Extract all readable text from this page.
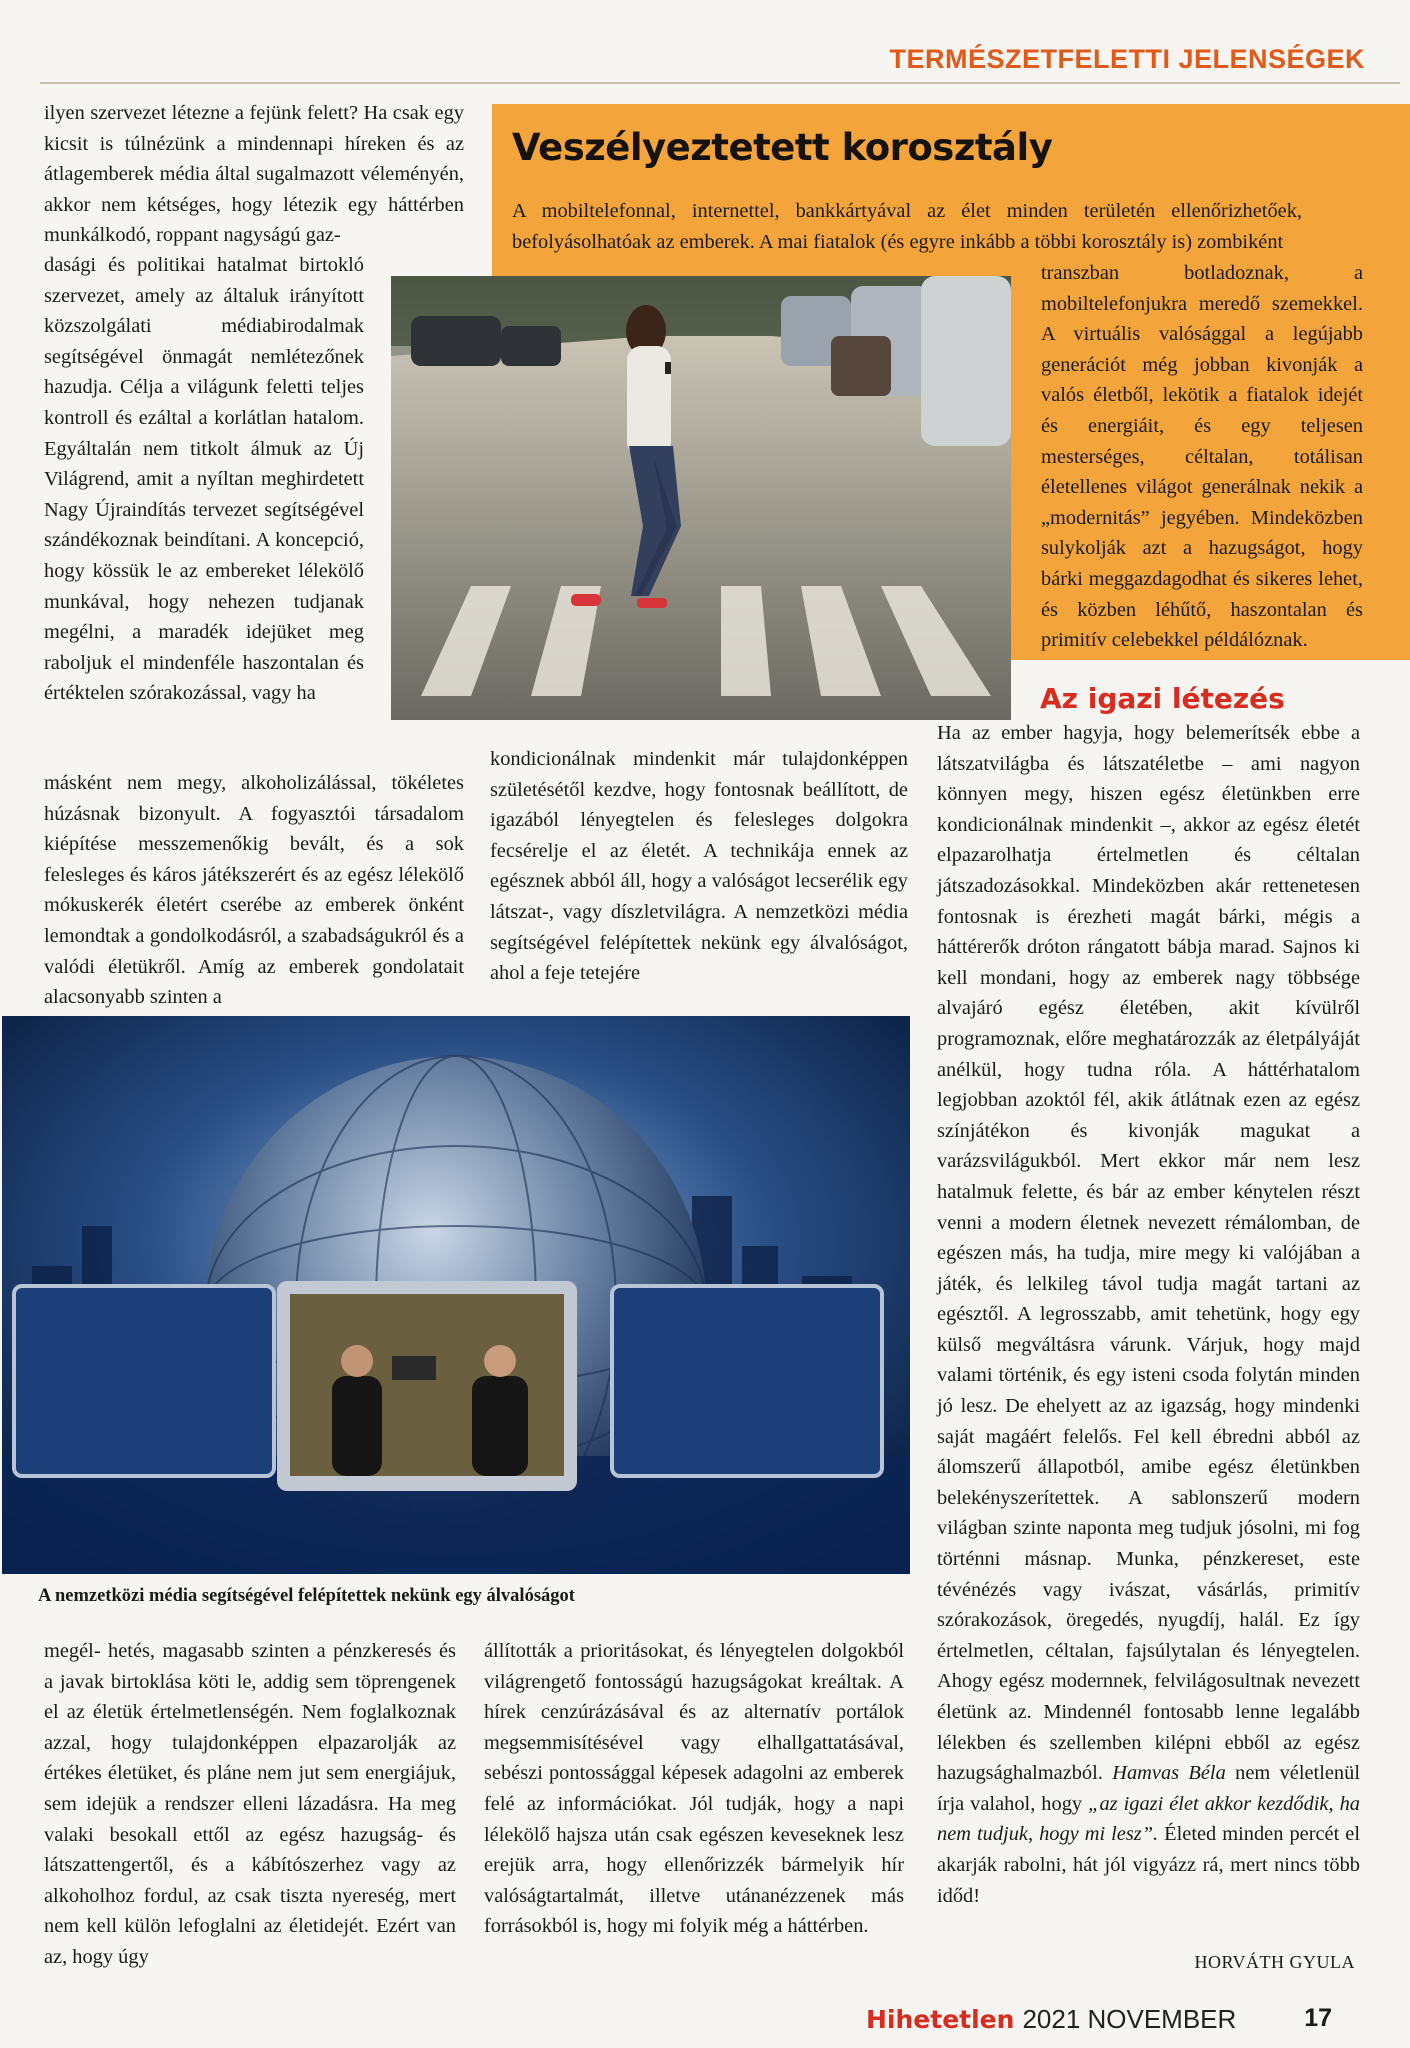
TERMÉSZETFELETTI JELENSÉGEK

ilyen szervezet létezne a fejünk felett? Ha csak egy kicsit is túlnézünk a mindennapi híreken és az átlagemberek média által sugalmazott véleményén, akkor nem kétséges, hogy létezik egy háttérben munkálkodó, roppant nagyságú gaz-

dasági és politikai hatalmat birtokló szervezet, amely az általuk irányított közszolgálati médiabirodalmak segítségével önmagát nemlétezőnek hazudja. Célja a világunk feletti teljes kontroll és ezáltal a korlátlan hatalom. Egyáltalán nem titkolt álmuk az Új Világrend, amit a nyíltan meghirdetett Nagy Újraindítás tervezet segítségével szándékoznak beindítani. A koncepció, hogy kössük le az embereket lélekölő munkával, hogy nehezen tudjanak megélni, a maradék idejüket meg raboljuk el mindenféle haszontalan és értéktelen szórakozással, vagy ha

másként nem megy, alkoholizálással, tökéletes húzásnak bizonyult. A fogyasztói társadalom kiépítése messzemenőkig bevált, és a sok felesleges és káros játékszerért és az egész lélekölő mókuskerék életért cserébe az emberek önként lemondtak a gondolkodásról, a szabadságukról és a valódi életükről. Amíg az emberek gondolatait alacsonyabb szinten a

Veszélyeztetett korosztály
A mobiltelefonnal, internettel, bankkártyával az élet minden területén ellenőrizhetőek, befolyásolhatóak az emberek. A mai fiatalok (és egyre inkább a többi korosztály is) zombiként
transzban botladoznak, a mobiltelefonjukra meredő szemekkel. A virtuális valósággal a legújabb generációt még jobban kivonják a valós életből, lekötik a fiatalok idejét és energiáit, és egy teljesen mesterséges, céltalan, totálisan életellenes világot generálnak nekik a „modernitás” jegyében. Mindeközben sulykolják azt a hazugságot, hogy bárki meggazdagodhat és sikeres lehet, és közben léhűtő, haszontalan és primitív celebekkel példálóznak.

kondicionálnak mindenkit már tulajdonképpen születésétől kezdve, hogy fontosnak beállított, de igazából lényegtelen és felesleges dolgokra fecsérelje el az életét. A technikája ennek az egésznek abból áll, hogy a valóságot lecserélik egy látszat-, vagy díszletvilágra. A nemzetközi média segítségével felépítettek nekünk egy álvalóságot, ahol a feje tetejére

Az igazi létezés

Ha az ember hagyja, hogy belemerítsék ebbe a látszatvilágba és látszatéletbe – ami nagyon könnyen megy, hiszen egész életünkben erre kondicionálnak mindenkit –, akkor az egész életét elpazarolhatja értelmetlen és céltalan játszadozásokkal. Mindeközben akár rettenetesen fontosnak is érezheti magát bárki, mégis a háttérerők dróton rángatott bábja marad. Sajnos ki kell mondani, hogy az emberek nagy többsége alvajáró egész életében, akit kívülről programoznak, előre meghatározzák az életpályáját anélkül, hogy tudna róla. A háttérhatalom legjobban azoktól fél, akik átlátnak ezen az egész színjátékon és kivonják magukat a varázsvilágukból. Mert ekkor már nem lesz hatalmuk felette, és bár az ember kénytelen részt venni a modern életnek nevezett rémálomban, de egészen más, ha tudja, mire megy ki valójában a játék, és lelkileg távol tudja magát tartani az egésztől. A legrosszabb, amit tehetünk, hogy egy külső megváltásra várunk. Várjuk, hogy majd valami történik, és egy isteni csoda folytán minden jó lesz. De ehelyett az az igazság, hogy mindenki saját magáért felelős. Fel kell ébredni abból az álomszerű állapotból, amibe egész életünkben belekényszerítettek. A sablonszerű modern világban szinte naponta meg tudjuk jósolni, mi fog történni másnap. Munka, pénzkereset, este tévénézés vagy ivászat, vásárlás, primitív szórakozások, öregedés, nyugdíj, halál. Ez így értelmetlen, céltalan, fajsúlytalan és lényegtelen. Ahogy egész modernnek, felvilágosultnak nevezett életünk az. Mindennél fontosabb lenne legalább lélekben és szellemben kilépni ebből az egész hazugsághalmazból. Hamvas Béla nem véletlenül írja valahol, hogy „az igazi élet akkor kezdődik, ha nem tudjuk, hogy mi lesz”. Életed minden percét el akarják rabolni, hát jól vigyázz rá, mert nincs több időd!

HORVÁTH GYULA
A nemzetközi média segítségével felépítettek nekünk egy álvalóságot

megél- hetés, magasabb szinten a pénzkeresés és a javak birtoklása köti le, addig sem töprengenek el az életük értelmetlenségén. Nem foglalkoznak azzal, hogy tulajdonképpen elpazarolják az értékes életüket, és pláne nem jut sem energiájuk, sem idejük a rendszer elleni lázadásra. Ha meg valaki besokall ettől az egész hazugság- és látszattengertől, és a kábítószerhez vagy az alkoholhoz fordul, az csak tiszta nyereség, mert nem kell külön lefoglalni az életidejét. Ezért van az, hogy úgy

állították a prioritásokat, és lényegtelen dolgokból világrengető fontosságú hazugságokat kreáltak. A hírek cenzúrázásával és az alternatív portálok megsemmisítésével vagy elhallgattatásával, sebészi pontossággal képesek adagolni az emberek felé az információkat. Jól tudják, hogy a napi lélekölő hajsza után csak egészen keveseknek lesz erejük arra, hogy ellenőrizzék bármelyik hír valóságtartalmát, illetve utánanézzenek más forrásokból is, hogy mi folyik még a háttérben.

Hihetetlen 2021 NOVEMBER	17
